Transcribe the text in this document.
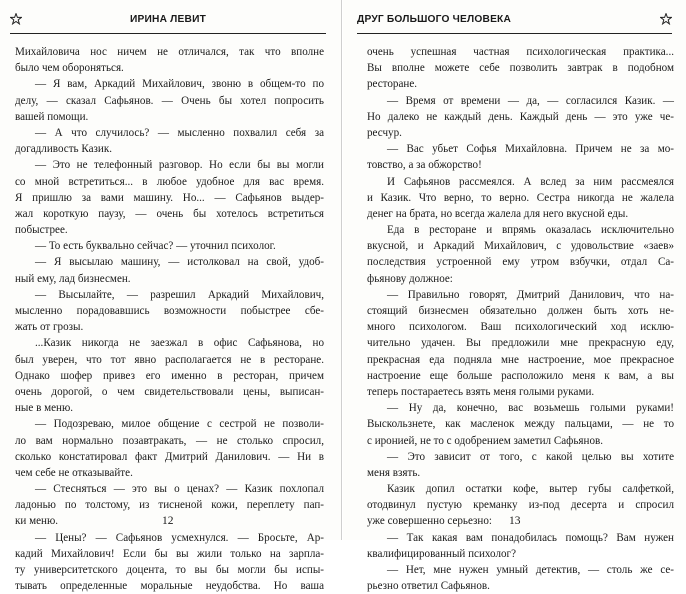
ИРИНА ЛЕВИТ
Михайловича нос ничем не отличался, так что вполне
было чем обороняться.
— Я вам, Аркадий Михайлович, звоню в общем-то по
делу, — сказал Сафьянов. — Очень бы хотел попросить
вашей помощи.
— А что случилось? — мысленно похвалил себя за
догадливость Казик.
— Это не телефонный разговор. Но если бы вы могли
со мной встретиться... в любое удобное для вас время.
Я пришлю за вами машину. Но... — Сафьянов выдер-
жал короткую паузу, — очень бы хотелось встретиться
побыстрее.
— То есть буквально сейчас? — уточнил психолог.
— Я высылаю машину, — истолковал на свой, удоб-
ный ему, лад бизнесмен.
— Высылайте, — разрешил Аркадий Михайлович,
мысленно порадовавшись возможности побыстрее сбе-
жать от грозы.
...Казик никогда не заезжал в офис Сафьянова, но
был уверен, что тот явно располагается не в ресторане.
Однако шофер привез его именно в ресторан, причем
очень дорогой, о чем свидетельствовали цены, выписан-
ные в меню.
— Подозреваю, милое общение с сестрой не позволи-
ло вам нормально позавтракать, — не столько спросил,
сколько констатировал факт Дмитрий Данилович. — Ни в
чем себе не отказывайте.
— Стесняться — это вы о ценах? — Казик похлопал
ладонью по толстому, из тисненой кожи, переплету пап-
ки меню.
— Цены? — Сафьянов усмехнулся. — Бросьте, Ар-
кадий Михайлович! Если бы вы жили только на зарпла-
ту университетского доцента, то вы бы могли бы испы-
тывать определенные моральные неудобства. Но ваша
12
ДРУГ БОЛЬШОГО ЧЕЛОВЕКА
очень успешная частная психологическая практика...
Вы вполне можете себе позволить завтрак в подобном
ресторане.
— Время от времени — да, — согласился Казик. —
Но далеко не каждый день. Каждый день — это уже че-
ресчур.
— Вас убьет Софья Михайловна. Причем не за мо-
товство, а за обжорство!
И Сафьянов рассмеялся. А вслед за ним рассмеялся
и Казик. Что верно, то верно. Сестра никогда не жалела
денег на брата, но всегда жалела для него вкусной еды.
Еда в ресторане и впрямь оказалась исключительно
вкусной, и Аркадий Михайлович, с удовольствие «заев»
последствия устроенной ему утром взбучки, отдал Са-
фьянову должное:
— Правильно говорят, Дмитрий Данилович, что на-
стоящий бизнесмен обязательно должен быть хоть не-
много психологом. Ваш психологический ход исклю-
чительно удачен. Вы предложили мне прекрасную еду,
прекрасная еда подняла мне настроение, мое прекрасное
настроение еще больше расположило меня к вам, а вы
теперь постараетесь взять меня голыми руками.
— Ну да, конечно, вас возьмешь голыми руками!
Выскользнете, как масленок между пальцами, — не то
с иронией, не то с одобрением заметил Сафьянов.
— Это зависит от того, с какой целью вы хотите
меня взять.
Казик допил остатки кофе, вытер губы салфеткой,
отодвинул пустую креманку из-под десерта и спросил
уже совершенно серьезно:
— Так какая вам понадобилась помощь? Вам нужен
квалифицированный психолог?
— Нет, мне нужен умный детектив, — столь же се-
рьезно ответил Сафьянов.
13
